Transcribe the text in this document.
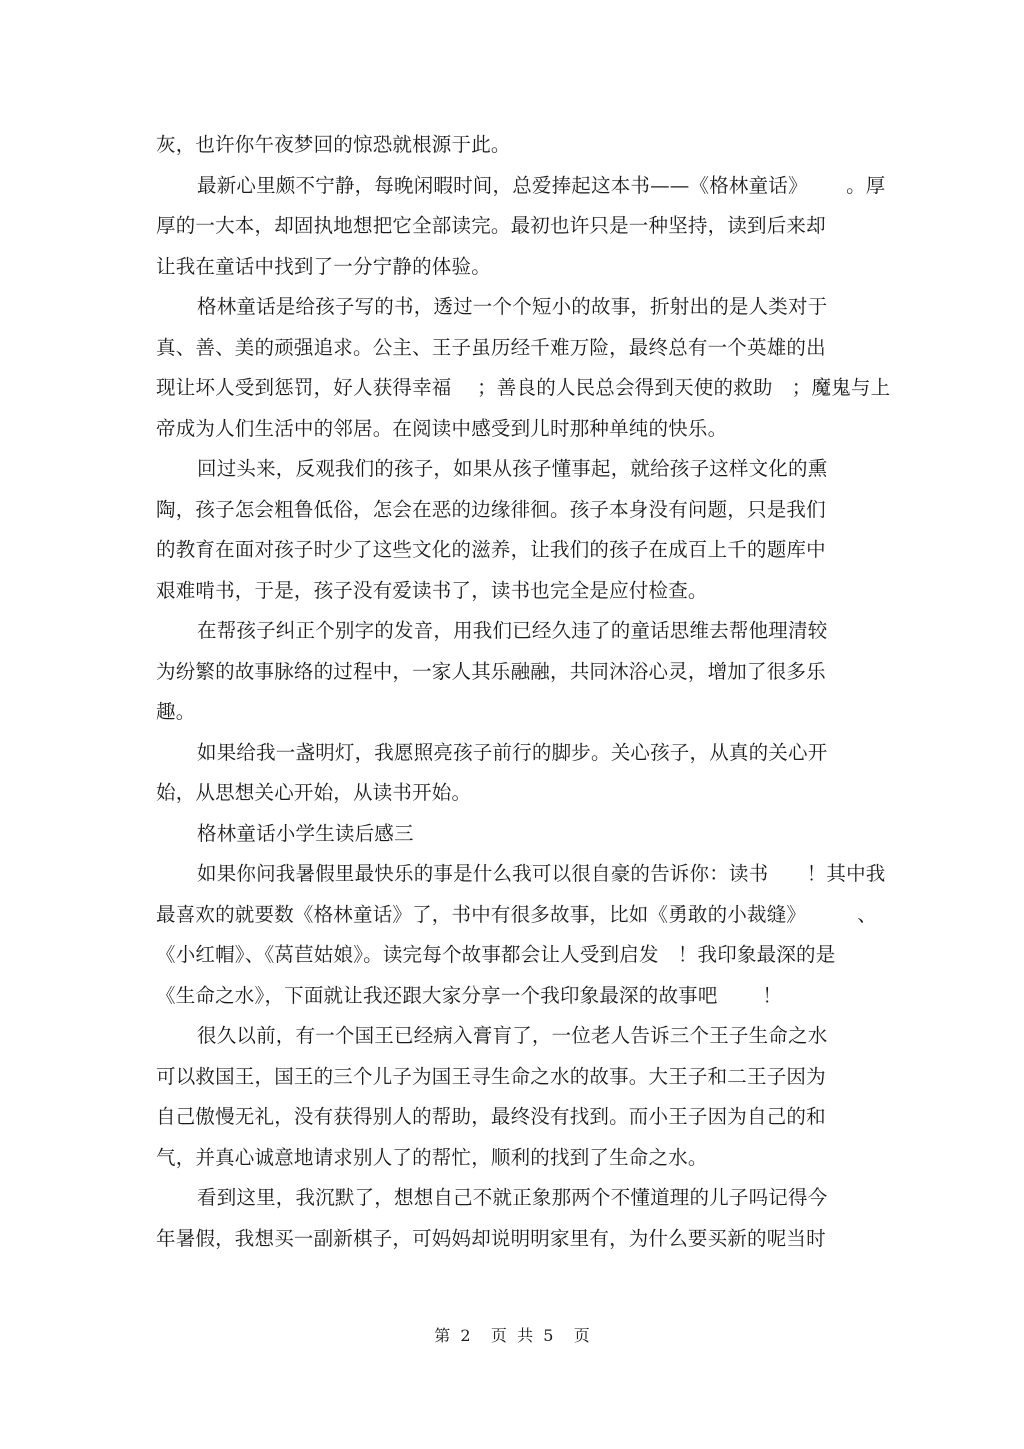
灰，也许你午夜梦回的惊恐就根源于此。
最新心里颇不宁静，每晚闲暇时间，总爱捧起这本书——《格林童话》      。厚
厚的一大本，却固执地想把它全部读完。最初也许只是一种坚持，读到后来却
让我在童话中找到了一分宁静的体验。
格林童话是给孩子写的书，透过一个个短小的故事，折射出的是人类对于
真、善、美的顽强追求。公主、王子虽历经千难万险，最终总有一个英雄的出
现让坏人受到惩罚，好人获得幸福    ；善良的人民总会得到天使的救助   ；魔鬼与上
帝成为人们生活中的邻居。在阅读中感受到儿时那种单纯的快乐。
回过头来，反观我们的孩子，如果从孩子懂事起，就给孩子这样文化的熏
陶，孩子怎会粗鲁低俗，怎会在恶的边缘徘徊。孩子本身没有问题，只是我们
的教育在面对孩子时少了这些文化的滋养，让我们的孩子在成百上千的题库中
艰难啃书，于是，孩子没有爱读书了，读书也完全是应付检查。
在帮孩子纠正个别字的发音，用我们已经久违了的童话思维去帮他理清较
为纷繁的故事脉络的过程中，一家人其乐融融，共同沐浴心灵，增加了很多乐
趣。
如果给我一盏明灯，我愿照亮孩子前行的脚步。关心孩子，从真的关心开
始，从思想关心开始，从读书开始。
格林童话小学生读后感三
如果你问我暑假里最快乐的事是什么我可以很自豪的告诉你：读书      ！其中我
最喜欢的就要数《格林童话》了，书中有很多故事，比如《勇敢的小裁缝》        、
《小红帽》、《莴苣姑娘》。读完每个故事都会让人受到启发   ！我印象最深的是
《生命之水》，下面就让我还跟大家分享一个我印象最深的故事吧       ！
很久以前，有一个国王已经病入膏肓了，一位老人告诉三个王子生命之水
可以救国王，国王的三个儿子为国王寻生命之水的故事。大王子和二王子因为
自己傲慢无礼，没有获得别人的帮助，最终没有找到。而小王子因为自己的和
气，并真心诚意地请求别人了的帮忙，顺利的找到了生命之水。
看到这里，我沉默了，想想自己不就正象那两个不懂道理的儿子吗记得今
年暑假，我想买一副新棋子，可妈妈却说明明家里有，为什么要买新的呢当时
第  2    页  共  5    页
